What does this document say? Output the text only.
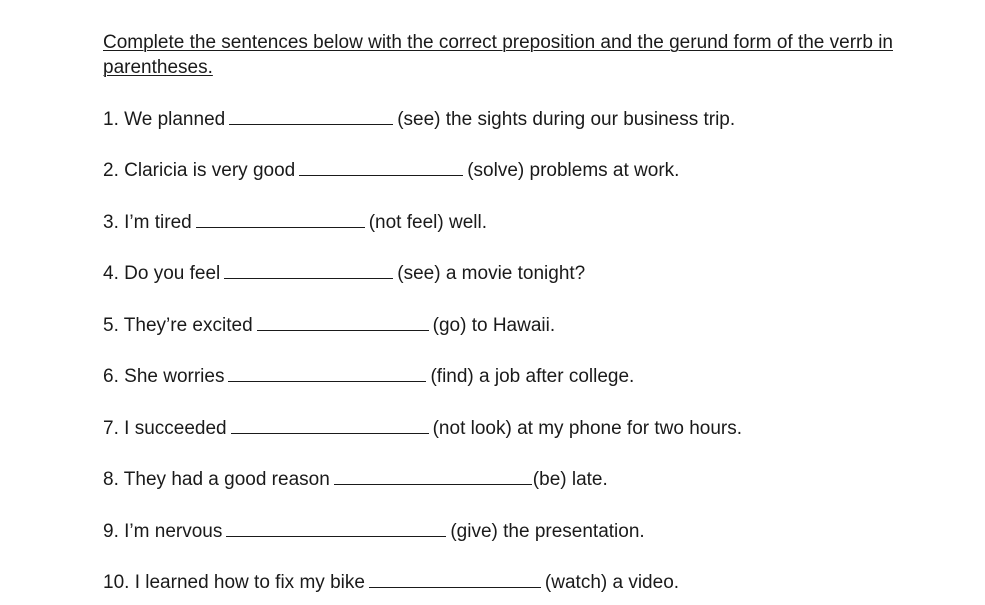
Complete the sentences below with the correct preposition and the gerund form of the verrb in parentheses.
1. We planned	(see) the sights during our business trip.
2. Claricia is very good	(solve) problems at work.
3. I’m tired	(not feel) well.
4. Do you feel	(see) a movie tonight?
5. They’re excited	(go) to Hawaii.
6. She worries	(find) a job after college.
7. I succeeded	(not look) at my phone for two hours.
8. They had a good reason	(be) late.
9. I’m nervous	(give) the presentation.
10. I learned how to fix my bike	(watch) a video.
